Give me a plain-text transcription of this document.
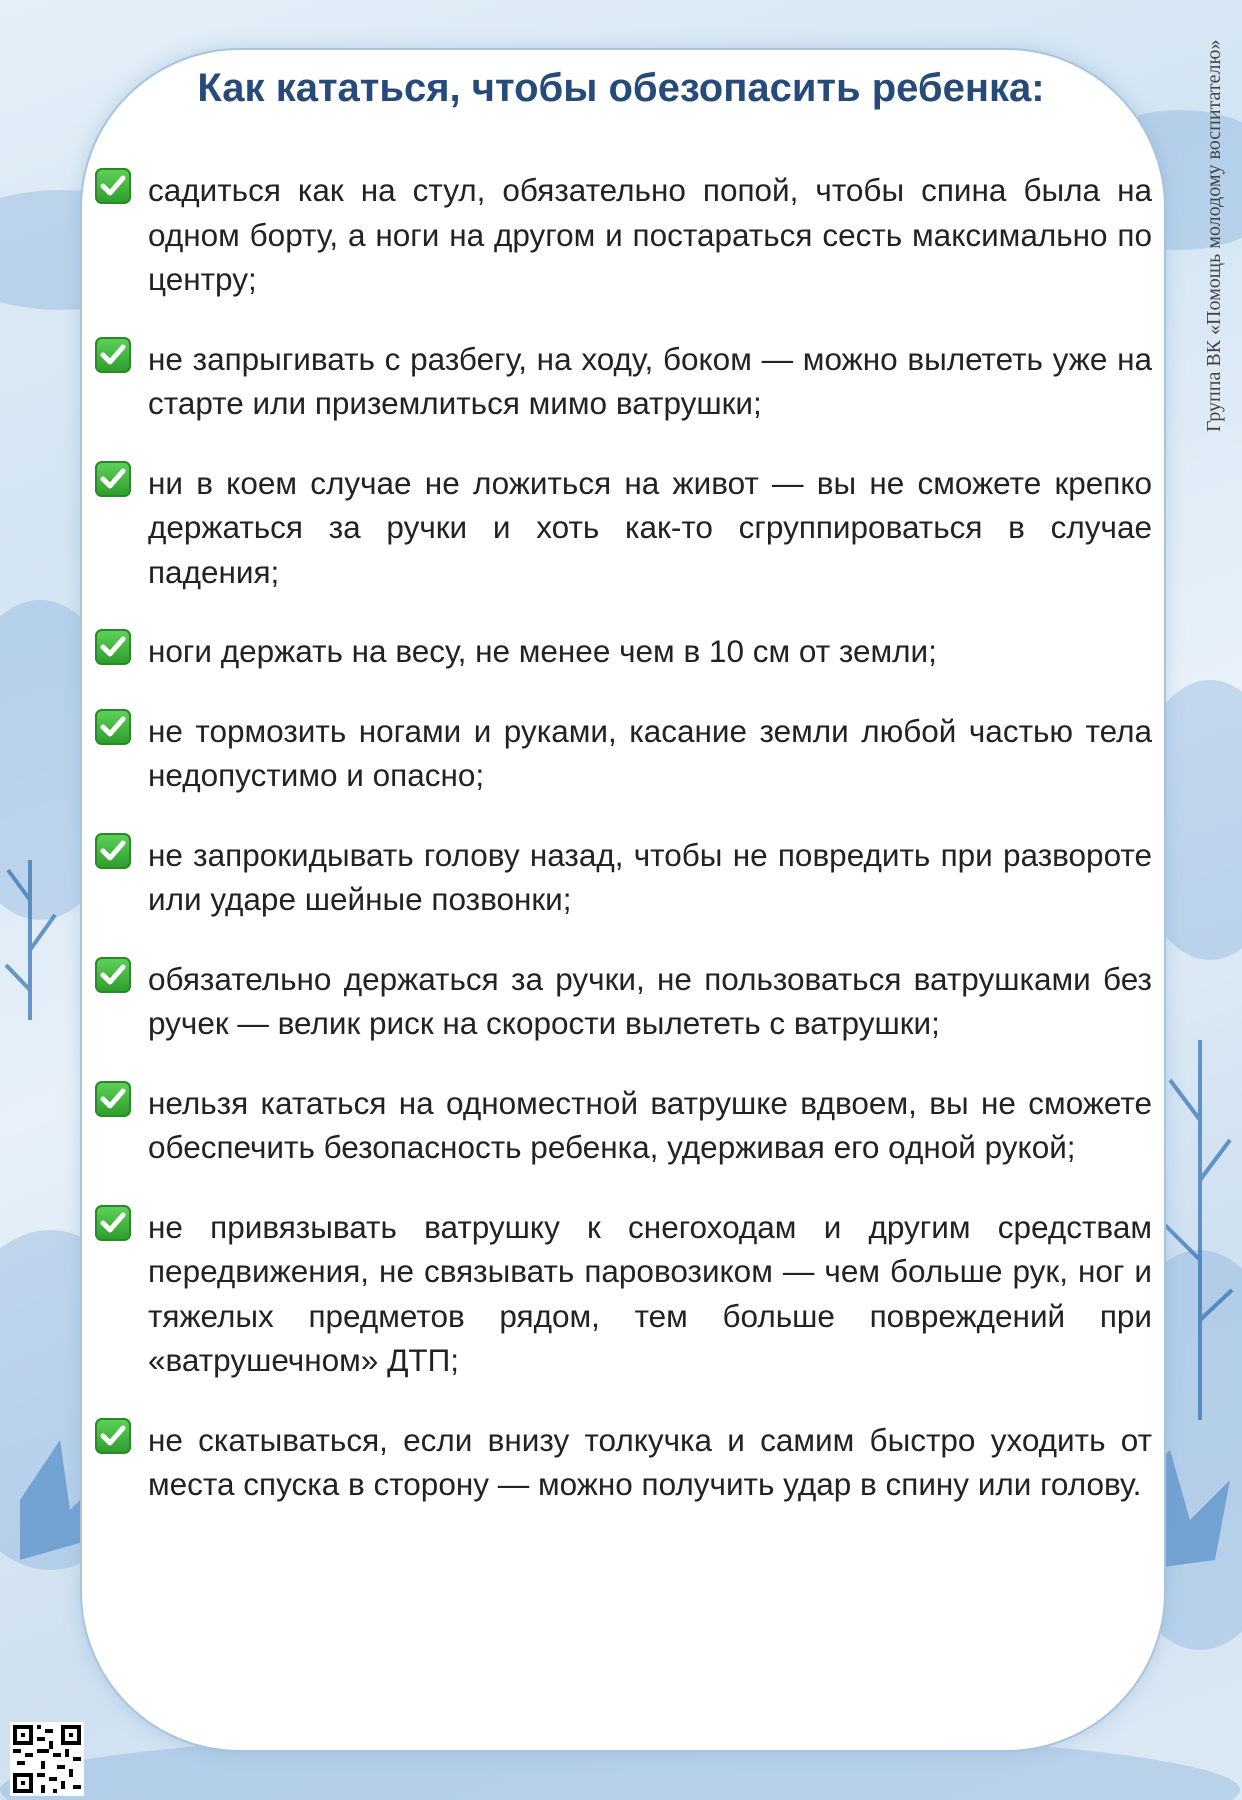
Как кататься, чтобы обезопасить ребенка:
садиться как на стул, обязательно попой, чтобы спина была на одном борту, а ноги на другом и постараться сесть максимально по центру;
не запрыгивать с разбегу, на ходу, боком — можно вылететь уже на старте или приземлиться мимо ватрушки;
ни в коем случае не ложиться на живот — вы не сможете крепко держаться за ручки и хоть как-то сгруппироваться в случае падения;
ноги держать на весу, не менее чем в 10 см от земли;
не тормозить ногами и руками, касание земли любой частью тела недопустимо и опасно;
не запрокидывать голову назад, чтобы не повредить при развороте или ударе шейные позвонки;
обязательно держаться за ручки, не пользоваться ватрушками без ручек — велик риск на скорости вылететь с ватрушки;
нельзя кататься на одноместной ватрушке вдвоем, вы не сможете обеспечить безопасность ребенка, удерживая его одной рукой;
не привязывать ватрушку к снегоходам и другим средствам передвижения, не связывать паровозиком — чем больше рук, ног и тяжелых предметов рядом, тем больше повреждений при «ватрушечном» ДТП;
не скатываться, если внизу толкучка и самим быстро уходить от места спуска в сторону — можно получить удар в спину или голову.
Группа ВК «Помощь молодому воспитателю»
